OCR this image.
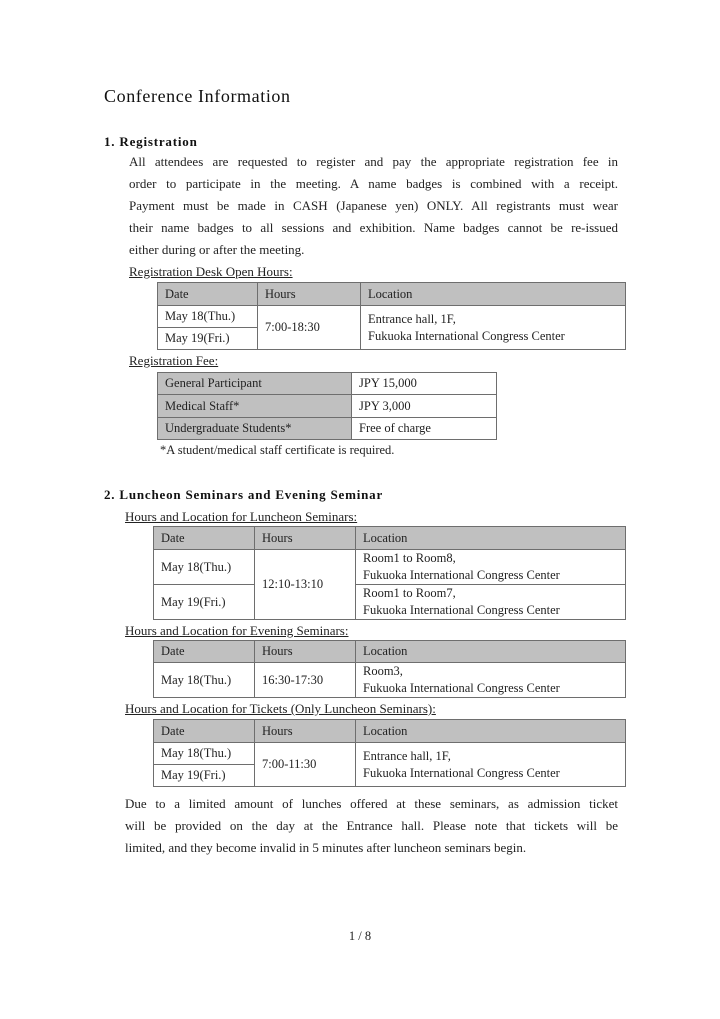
Conference Information
1. Registration
All attendees are requested to register and pay the appropriate registration fee in
order to participate in the meeting. A name badges is combined with a receipt.
Payment must be made in CASH (Japanese yen) ONLY. All registrants must wear
their name badges to all sessions and exhibition. Name badges cannot be re-issued
either during or after the meeting.
Registration Desk Open Hours:
Date	Hours	Location
May 18(Thu.)	7:00-18:30	Entrance hall, 1F,
Fukuoka International Congress Center

May 19(Fri.)		
Registration Fee:
General Participant	JPY 15,000
Medical Staff*	JPY 3,000
Undergraduate Students*	Free of charge
*A student/medical staff certificate is required.
2. Luncheon Seminars and Evening Seminar
Hours and Location for Luncheon Seminars:
Date	Hours	Location
May 18(Thu.)	12:10-13:10	Room1 to Room8,
Fukuoka International Congress Center

May 19(Fri.)		Room1 to Room7,
Fukuoka International Congress Center
Hours and Location for Evening Seminars:
Date	Hours	Location
May 18(Thu.)	16:30-17:30	Room3,
Fukuoka International Congress Center
Hours and Location for Tickets (Only Luncheon Seminars):
Date	Hours	Location
May 18(Thu.)	7:00-11:30	Entrance hall, 1F,
Fukuoka International Congress Center

May 19(Fri.)		
Due to a limited amount of lunches offered at these seminars, as admission ticket
will be provided on the day at the Entrance hall. Please note that tickets will be
limited, and they become invalid in 5 minutes after luncheon seminars begin.
1 / 8
